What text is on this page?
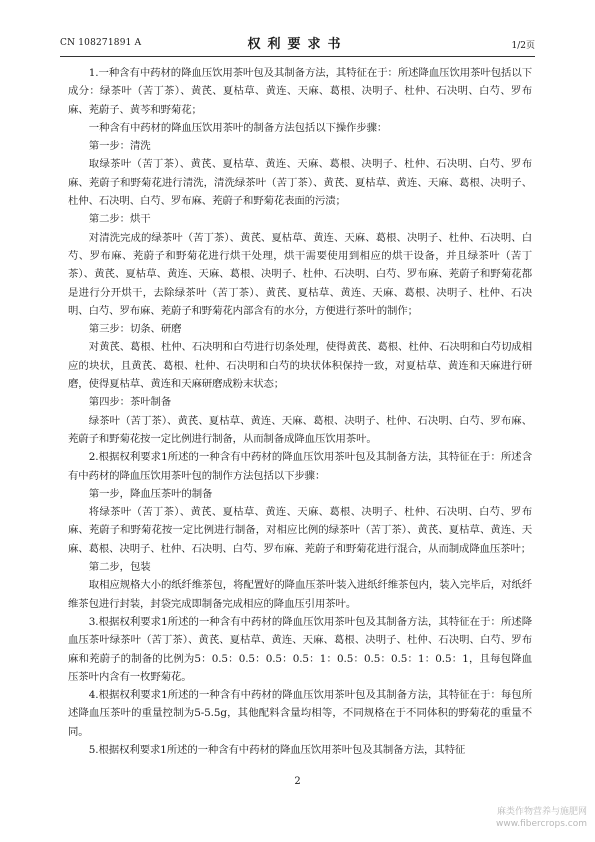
CN 108271891 A	权利要求书	1/2页

1.一种含有中药材的降血压饮用茶叶包及其制备方法，其特征在于：所述降血压饮用茶叶包括以下成分：绿茶叶（苦丁茶）、黄芪、夏枯草、黄连、天麻、葛根、决明子、杜仲、石决明、白芍、罗布麻、茺蔚子、黄芩和野菊花；

一种含有中药材的降血压饮用茶叶的制备方法包括以下操作步骤：

第一步：清洗

取绿茶叶（苦丁茶）、黄芪、夏枯草、黄连、天麻、葛根、决明子、杜仲、石决明、白芍、罗布麻、茺蔚子和野菊花进行清洗，清洗绿茶叶（苦丁茶）、黄芪、夏枯草、黄连、天麻、葛根、决明子、杜仲、石决明、白芍、罗布麻、茺蔚子和野菊花表面的污渍；

第二步：烘干

对清洗完成的绿茶叶（苦丁茶）、黄芪、夏枯草、黄连、天麻、葛根、决明子、杜仲、石决明、白芍、罗布麻、茺蔚子和野菊花进行烘干处理，烘干需要使用到相应的烘干设备，并且绿茶叶（苦丁茶）、黄芪、夏枯草、黄连、天麻、葛根、决明子、杜仲、石决明、白芍、罗布麻、茺蔚子和野菊花都是进行分开烘干，去除绿茶叶（苦丁茶）、黄芪、夏枯草、黄连、天麻、葛根、决明子、杜仲、石决明、白芍、罗布麻、茺蔚子和野菊花内部含有的水分，方便进行茶叶的制作；

第三步：切条、研磨

对黄芪、葛根、杜仲、石决明和白芍进行切条处理，使得黄芪、葛根、杜仲、石决明和白芍切成相应的块状，且黄芪、葛根、杜仲、石决明和白芍的块状体积保持一致，对夏枯草、黄连和天麻进行研磨，使得夏枯草、黄连和天麻研磨成粉末状态；

第四步：茶叶制备

绿茶叶（苦丁茶）、黄芪、夏枯草、黄连、天麻、葛根、决明子、杜仲、石决明、白芍、罗布麻、茺蔚子和野菊花按一定比例进行制备，从而制备成降血压饮用茶叶。

2.根据权利要求1所述的一种含有中药材的降血压饮用茶叶包及其制备方法，其特征在于：所述含有中药材的降血压饮用茶叶包的制作方法包括以下步骤：

第一步，降血压茶叶的制备

将绿茶叶（苦丁茶）、黄芪、夏枯草、黄连、天麻、葛根、决明子、杜仲、石决明、白芍、罗布麻、茺蔚子和野菊花按一定比例进行制备，对相应比例的绿茶叶（苦丁茶）、黄芪、夏枯草、黄连、天麻、葛根、决明子、杜仲、石决明、白芍、罗布麻、茺蔚子和野菊花进行混合，从而制成降血压茶叶；

第二步，包装

取相应规格大小的纸纤维茶包，将配置好的降血压茶叶装入进纸纤维茶包内，装入完毕后，对纸纤维茶包进行封装，封袋完成即制备完成相应的降血压引用茶叶。

3.根据权利要求1所述的一种含有中药材的降血压饮用茶叶包及其制备方法，其特征在于：所述降血压茶叶绿茶叶（苦丁茶）、黄芪、夏枯草、黄连、天麻、葛根、决明子、杜仲、石决明、白芍、罗布麻和茺蔚子的制备的比例为5：0.5：0.5：0.5：0.5：1：0.5：0.5：0.5：1：0.5：1，且每包降血压茶叶内含有一枚野菊花。

4.根据权利要求1所述的一种含有中药材的降血压饮用茶叶包及其制备方法，其特征在于：每包所述降血压茶叶的重量控制为5-5.5g，其他配料含量均相等，不同规格在于不同体积的野菊花的重量不同。

5.根据权利要求1所述的一种含有中药材的降血压饮用茶叶包及其制备方法，其特征

2
麻类作物营养与施肥网
www.fibercrops.com
